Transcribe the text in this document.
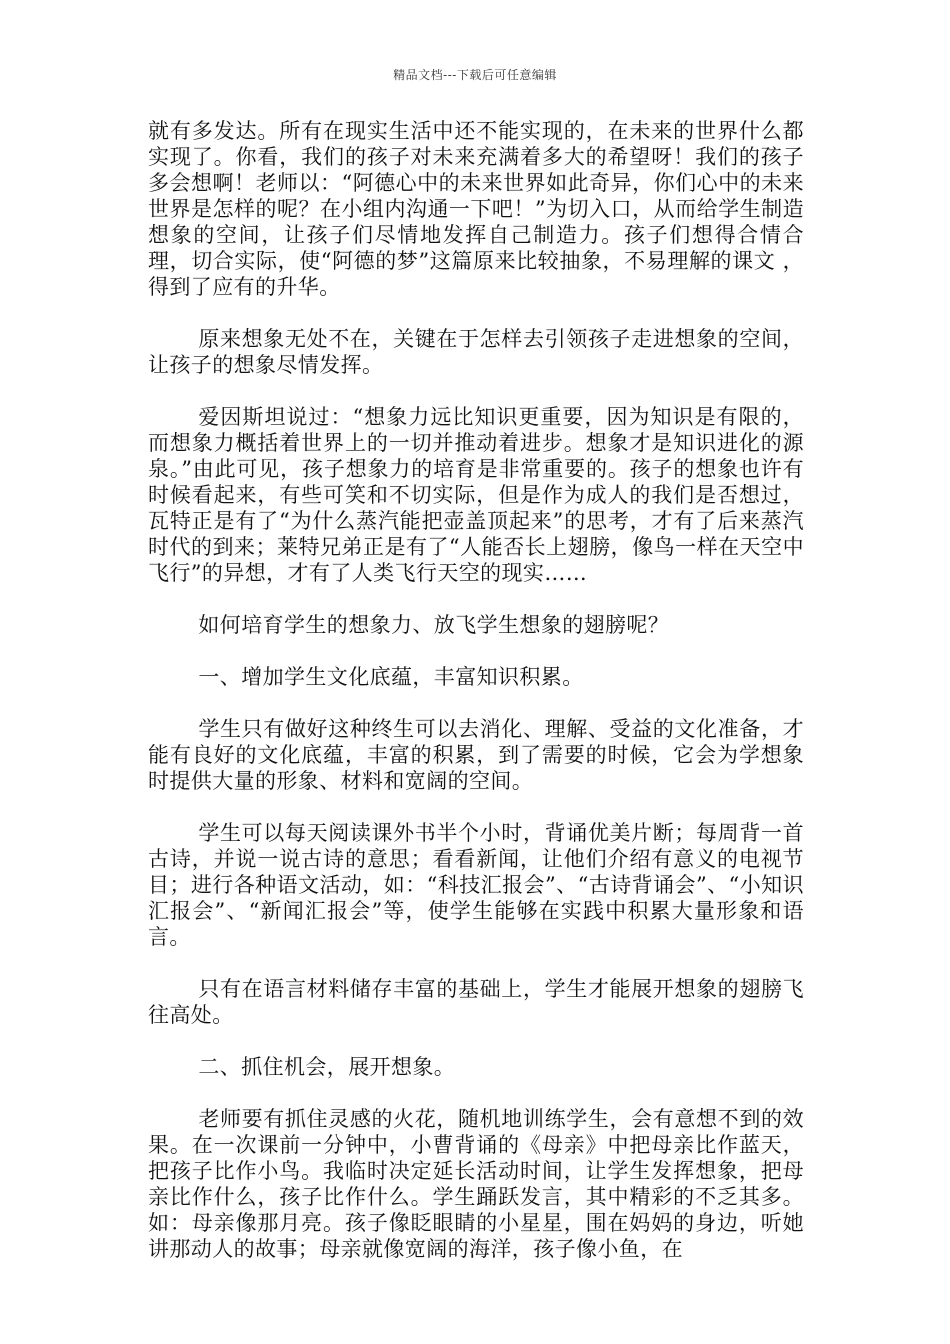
精品文档---下载后可任意编辑

就有多发达。所有在现实生活中还不能实现的，在未来的世界什么都实现了。你看，我们的孩子对未来充满着多大的希望呀！我们的孩子多会想啊！老师以：“阿德心中的未来世界如此奇异，你们心中的未来世界是怎样的呢？在小组内沟通一下吧！”为切入口，从而给学生制造想象的空间，让孩子们尽情地发挥自己制造力。孩子们想得合情合理，切合实际，使“阿德的梦”这篇原来比较抽象，不易理解的课文 ， 得到了应有的升华。

原来想象无处不在，关键在于怎样去引领孩子走进想象的空间，让孩子的想象尽情发挥。

爱因斯坦说过：“想象力远比知识更重要，因为知识是有限的，而想象力概括着世界上的一切并推动着进步。想象才是知识进化的源泉。”由此可见，孩子想象力的培育是非常重要的。孩子的想象也许有时候看起来，有些可笑和不切实际，但是作为成人的我们是否想过，瓦特正是有了“为什么蒸汽能把壶盖顶起来”的思考，才有了后来蒸汽时代的到来；莱特兄弟正是有了“人能否长上翅膀，像鸟一样在天空中飞行”的异想，才有了人类飞行天空的现实……

如何培育学生的想象力、放飞学生想象的翅膀呢？

一、增加学生文化底蕴，丰富知识积累。

学生只有做好这种终生可以去消化、理解、受益的文化准备，才能有良好的文化底蕴，丰富的积累，到了需要的时候，它会为学想象时提供大量的形象、材料和宽阔的空间。

学生可以每天阅读课外书半个小时，背诵优美片断；每周背一首古诗，并说一说古诗的意思；看看新闻，让他们介绍有意义的电视节目；进行各种语文活动，如：“科技汇报会”、“古诗背诵会”、“小知识汇报会”、“新闻汇报会”等，使学生能够在实践中积累大量形象和语言。

只有在语言材料储存丰富的基础上，学生才能展开想象的翅膀飞往高处。

二、抓住机会，展开想象。

老师要有抓住灵感的火花，随机地训练学生，会有意想不到的效果。在一次课前一分钟中，小曹背诵的《母亲》中把母亲比作蓝天，把孩子比作小鸟。我临时决定延长活动时间，让学生发挥想象，把母亲比作什么，孩子比作什么。学生踊跃发言，其中精彩的不乏其多。如：母亲像那月亮。孩子像眨眼睛的小星星，围在妈妈的身边，听她讲那动人的故事；母亲就像宽阔的海洋，孩子像小鱼，在
